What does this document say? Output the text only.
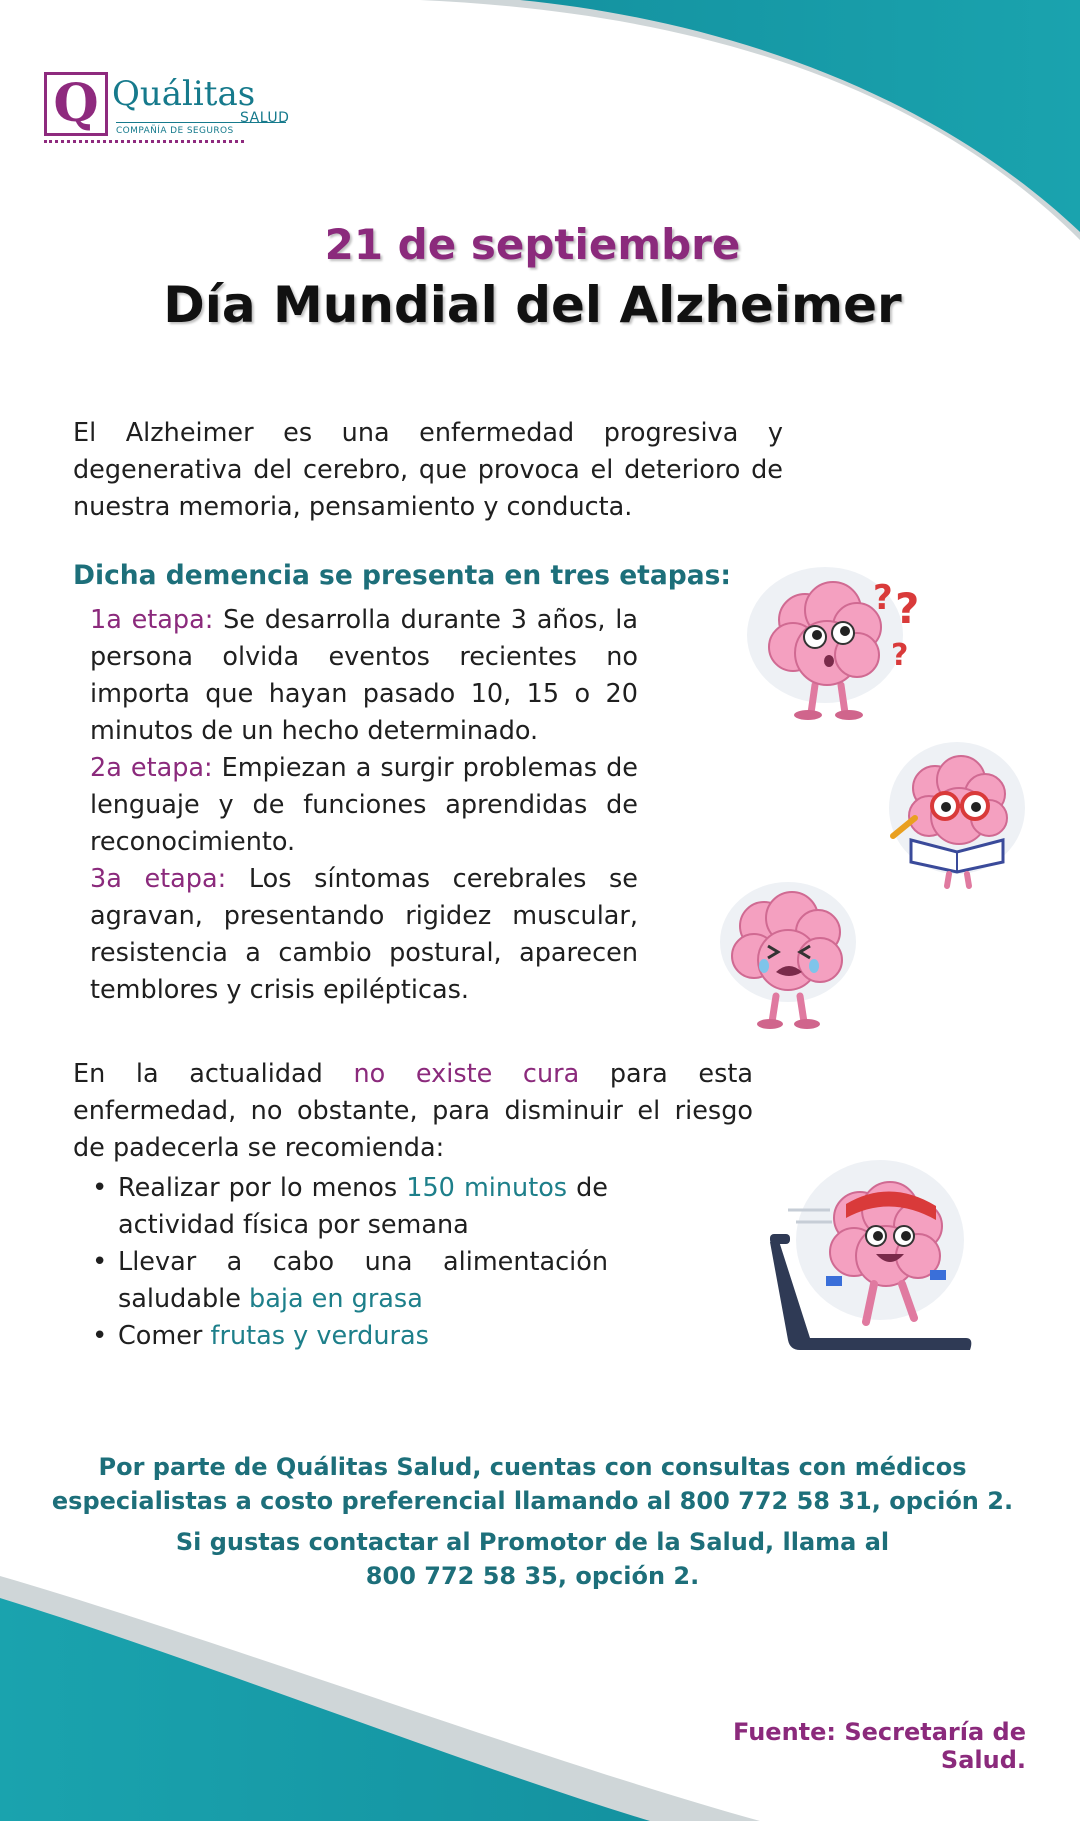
Q Quálitas
SALUD
COMPAÑÍA DE SEGUROS
21 de septiembre
Día Mundial del Alzheimer
El Alzheimer es una enfermedad progresiva y degenerativa del cerebro, que provoca el deterioro de nuestra memoria, pensamiento y conducta.
Dicha demencia se presenta en tres etapas:

1a etapa: Se desarrolla durante 3 años, la persona olvida eventos recientes no importa que hayan pasado 10, 15 o 20 minutos de un hecho determinado.

2a etapa: Empiezan a surgir problemas de lenguaje y de funciones aprendidas de reconocimiento.

3a etapa: Los síntomas cerebrales se agravan, presentando rigidez muscular, resistencia a cambio postural, aparecen temblores y crisis epilépticas.

En la actualidad no existe cura para esta enfermedad, no obstante, para disminuir el riesgo de padecerla se recomienda:
• Realizar por lo menos 150 minutos de actividad física por semana
• Llevar a cabo una alimentación saludable baja en grasa
• Comer frutas y verduras
Por parte de Quálitas Salud, cuentas con consultas con médicos
especialistas a costo preferencial llamando al 800 772 58 31, opción 2.
Si gustas contactar al Promotor de la Salud, llama al
800 772 58 35, opción 2.
Fuente: Secretaría de Salud.
? ?
?
